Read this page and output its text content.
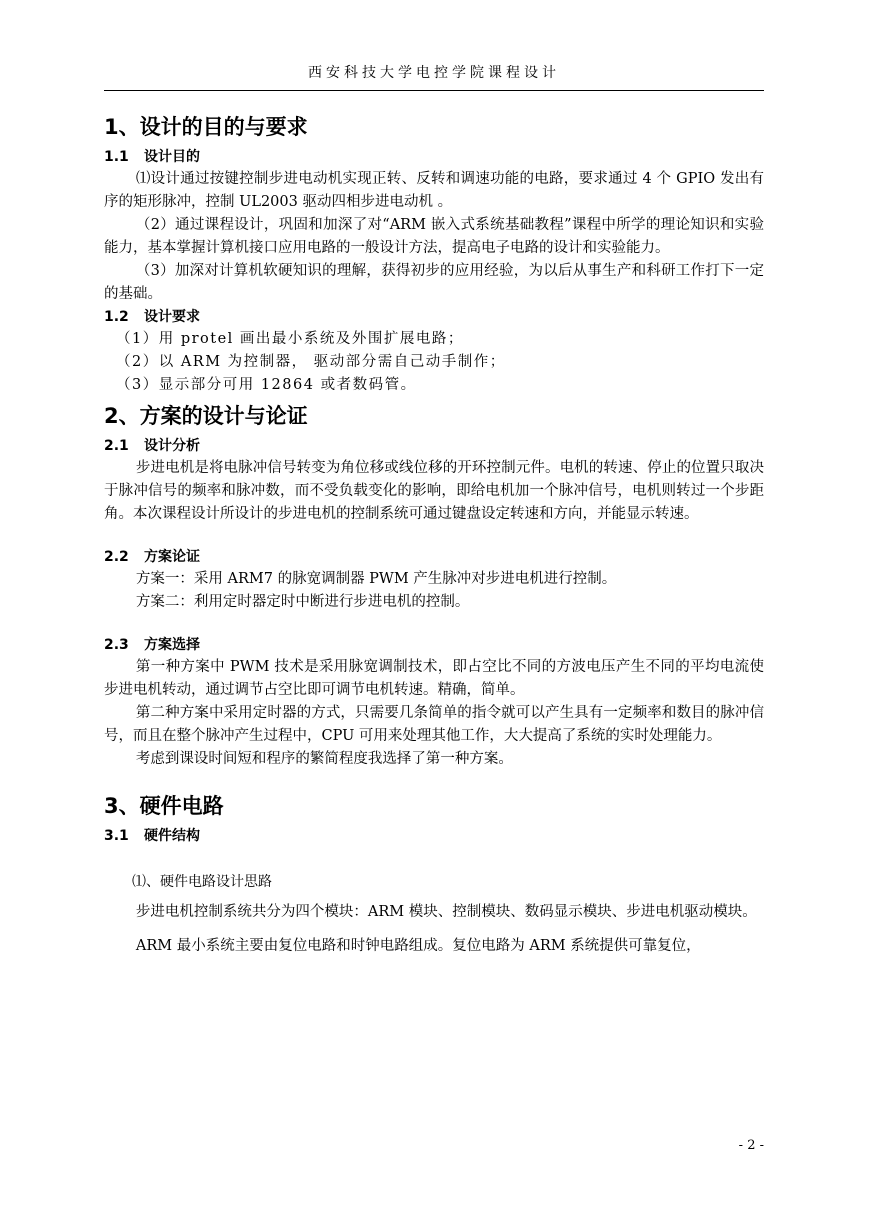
西安科技大学电控学院课程设计
1、设计的目的与要求
1.1 设计目的

⑴设计通过按键控制步进电动机实现正转、反转和调速功能的电路，要求通过 4 个 GPIO 发出有序的矩形脉冲，控制 UL2003 驱动四相步进电动机 。

（2）通过课程设计，巩固和加深了对“ARM 嵌入式系统基础教程”课程中所学的理论知识和实验能力，基本掌握计算机接口应用电路的一般设计方法，提高电子电路的设计和实验能力。

（3）加深对计算机软硬知识的理解，获得初步的应用经验，为以后从事生产和科研工作打下一定的基础。

1.2 设计要求

（1）用 protel 画出最小系统及外围扩展电路；

（2）以 ARM 为控制器， 驱动部分需自己动手制作；

（3）显示部分可用 12864 或者数码管。

2、方案的设计与论证
2.1 设计分析

步进电机是将电脉冲信号转变为角位移或线位移的开环控制元件。电机的转速、停止的位置只取决于脉冲信号的频率和脉冲数，而不受负载变化的影响，即给电机加一个脉冲信号，电机则转过一个步距角。本次课程设计所设计的步进电机的控制系统可通过键盘设定转速和方向，并能显示转速。

2.2 方案论证

方案一：采用 ARM7 的脉宽调制器 PWM 产生脉冲对步进电机进行控制。

方案二：利用定时器定时中断进行步进电机的控制。

2.3 方案选择

第一种方案中 PWM 技术是采用脉宽调制技术，即占空比不同的方波电压产生不同的平均电流使步进电机转动，通过调节占空比即可调节电机转速。精确，简单。

第二种方案中采用定时器的方式，只需要几条简单的指令就可以产生具有一定频率和数目的脉冲信号，而且在整个脉冲产生过程中，CPU 可用来处理其他工作，大大提高了系统的实时处理能力。

考虑到课设时间短和程序的繁简程度我选择了第一种方案。

3、硬件电路
3.1 硬件结构
⑴、硬件电路设计思路

步进电机控制系统共分为四个模块：ARM 模块、控制模块、数码显示模块、步进电机驱动模块。

ARM 最小系统主要由复位电路和时钟电路组成。复位电路为 ARM 系统提供可靠复位，

- 2 -
